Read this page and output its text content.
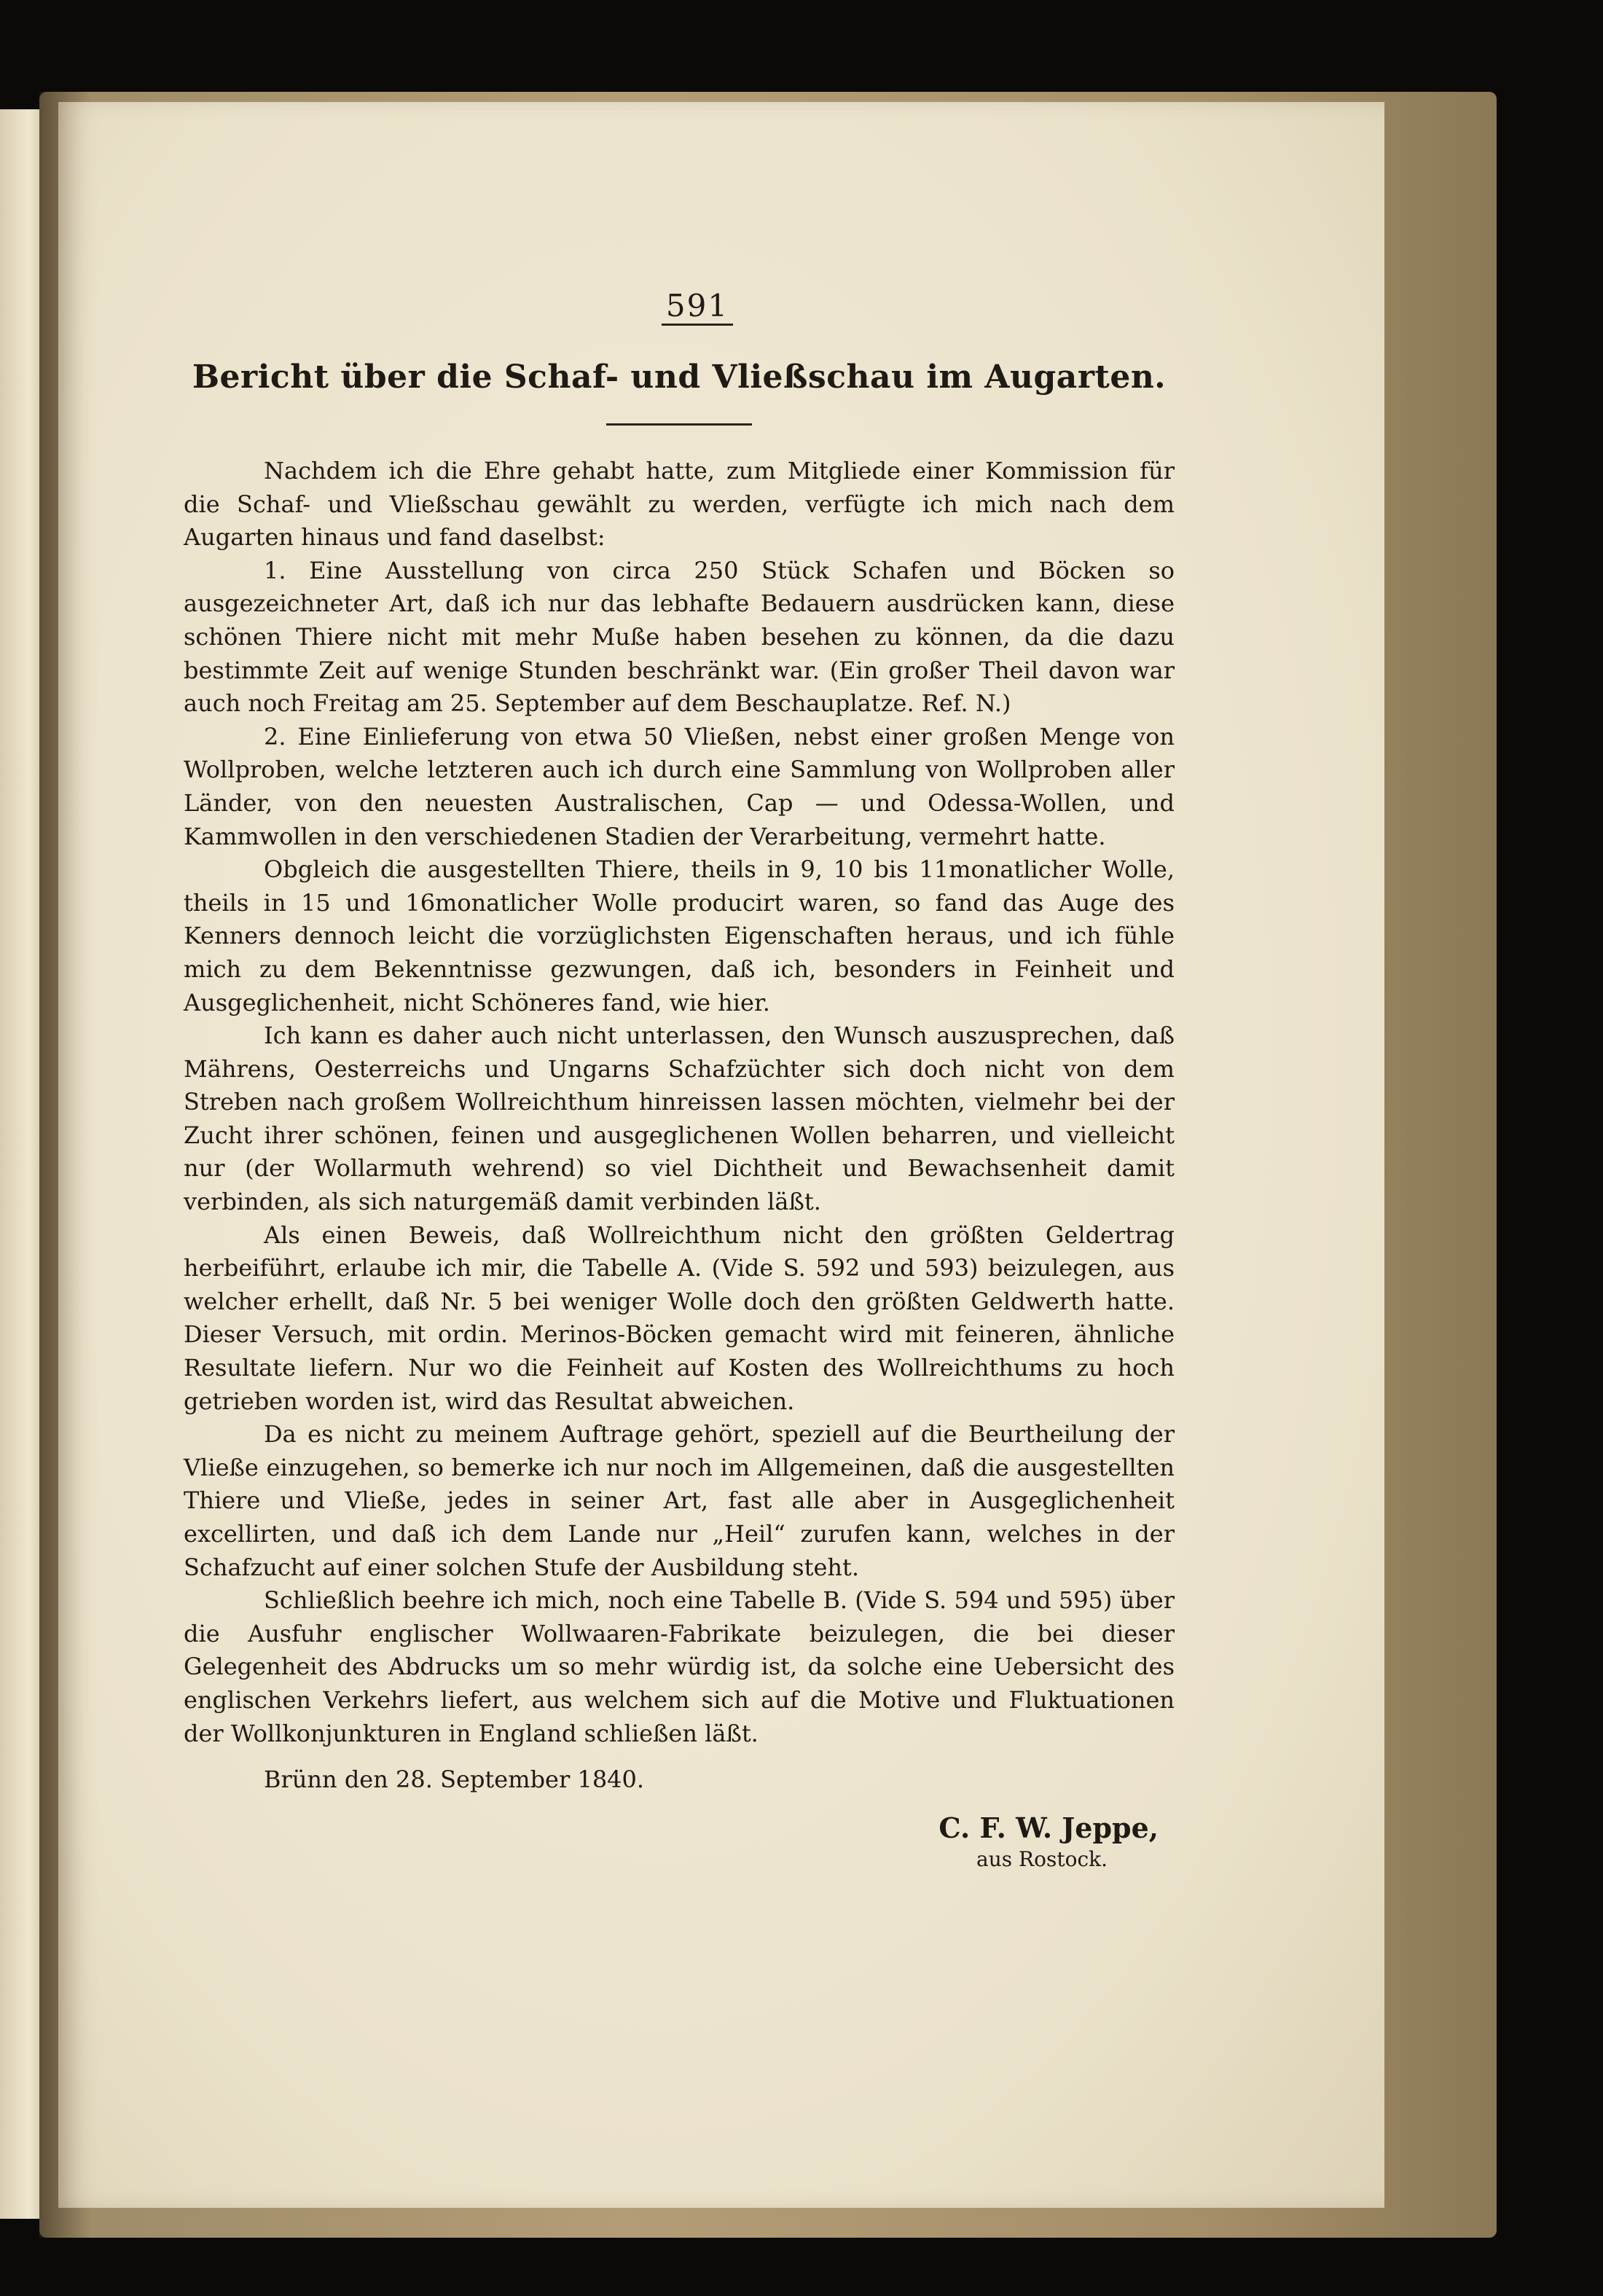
591
Bericht über die Schaf- und Vließschau im Augarten.

Nachdem ich die Ehre gehabt hatte, zum Mitgliede einer Kommission für die Schaf- und Vließschau gewählt zu werden, verfügte ich mich nach dem Augarten hinaus und fand daselbst:

1. Eine Ausstellung von circa 250 Stück Schafen und Böcken so ausgezeichneter Art, daß ich nur das lebhafte Bedauern ausdrücken kann, diese schönen Thiere nicht mit mehr Muße haben besehen zu können, da die dazu bestimmte Zeit auf wenige Stunden beschränkt war. (Ein großer Theil davon war auch noch Freitag am 25. September auf dem Beschauplatze. Ref. N.)

2. Eine Einlieferung von etwa 50 Vließen, nebst einer großen Menge von Wollproben, welche letzteren auch ich durch eine Sammlung von Wollproben aller Länder, von den neuesten Australischen, Cap — und Odessa-Wollen, und Kammwollen in den verschiedenen Stadien der Verarbeitung, vermehrt hatte.

Obgleich die ausgestellten Thiere, theils in 9, 10 bis 11monatlicher Wolle, theils in 15 und 16monatlicher Wolle producirt waren, so fand das Auge des Kenners dennoch leicht die vorzüglichsten Eigenschaften heraus, und ich fühle mich zu dem Bekenntnisse gezwungen, daß ich, besonders in Feinheit und Ausgeglichenheit, nicht Schöneres fand, wie hier.

Ich kann es daher auch nicht unterlassen, den Wunsch auszusprechen, daß Mährens, Oesterreichs und Ungarns Schafzüchter sich doch nicht von dem Streben nach großem Wollreichthum hinreissen lassen möchten, vielmehr bei der Zucht ihrer schönen, feinen und ausgeglichenen Wollen beharren, und vielleicht nur (der Wollarmuth wehrend) so viel Dichtheit und Bewachsenheit damit verbinden, als sich naturgemäß damit verbinden läßt.

Als einen Beweis, daß Wollreichthum nicht den größten Geldertrag herbeiführt, erlaube ich mir, die Tabelle A. (Vide S. 592 und 593) beizulegen, aus welcher erhellt, daß Nr. 5 bei weniger Wolle doch den größten Geldwerth hatte. Dieser Versuch, mit ordin. Merinos-Böcken gemacht wird mit feineren, ähnliche Resultate liefern. Nur wo die Feinheit auf Kosten des Wollreichthums zu hoch getrieben worden ist, wird das Resultat abweichen.

Da es nicht zu meinem Auftrage gehört, speziell auf die Beurtheilung der Vließe einzugehen, so bemerke ich nur noch im Allgemeinen, daß die ausgestellten Thiere und Vließe, jedes in seiner Art, fast alle aber in Ausgeglichenheit excellirten, und daß ich dem Lande nur „Heil“ zurufen kann, welches in der Schafzucht auf einer solchen Stufe der Ausbildung steht.

Schließlich beehre ich mich, noch eine Tabelle B. (Vide S. 594 und 595) über die Ausfuhr englischer Wollwaaren-Fabrikate beizulegen, die bei dieser Gelegenheit des Abdrucks um so mehr würdig ist, da solche eine Uebersicht des englischen Verkehrs liefert, aus welchem sich auf die Motive und Fluktuationen der Wollkonjunkturen in England schließen läßt.

Brünn den 28. September 1840.
C. F. W. Jeppe,
aus Rostock.
